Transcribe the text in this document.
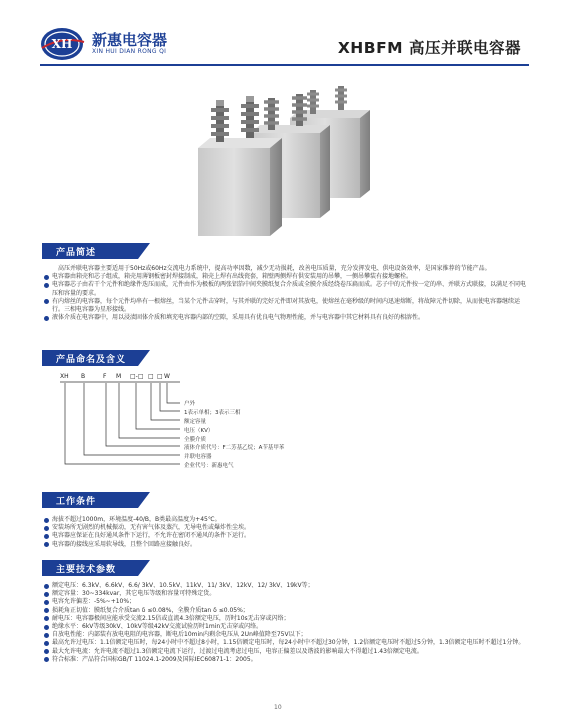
XH 新惠电容器
XIN HUI DIAN RONG QI	XHBFM 高压并联电容器
产品简述

高压并联电容器主要适用于50Hz或60Hz交流电力系统中，提高功率因数，减少无功损耗，改善电压质量，充分发挥发电、供电设备效率，是国家推荐的节能产品。

电容器由箱壳和芯子组成，箱壳用薄钢板密封焊接制成，箱壳上焊有出线瓷套，箱壁两侧焊有供安装用的吊攀，一侧吊攀装有接地螺栓。
电容器芯子由若干个元件和绝缘件迭压而成，元件由作为极板的两张铝箔中间夹膜纸复合介质或全膜介质经绕卷压扁而成。芯子中的元件按一定的串、并联方式联接，以满足不同电压和容量的要求。
有内熔丝的电容器，每个元件均串有一根熔丝，当某个元件击穿时，与其并联的完好元件即对其放电，使熔丝在毫秒级的时间内迅速熔断，将故障元件切除，从而使电容器继续运行。三相电容器为星形接线。
液体介质在电容器中，用以浸渍固体介质和填充电容器内部的空隙，采用具有优良电气物理性能，并与电容器中其它材料具有良好的相溶性。
产品命名及含义
XH B	F M □-□ □ □ W
户外
1表示单相；3表示三相
额定容量
电压（KV）
全膜介质
液体介质代号：F二芳基乙烷；A苄基甲苯
并联电容器
企业代号：新惠电气
工作条件
海拔不超过1000m，环境温度-40/B，B类最高温度为+45℃。
安装场所无剧烈的机械振动，无有害气体及蒸汽，无导电性或爆炸性尘埃。
电容器应保证在良好通风条件下运行，不允许在密闭不通风的条件下运行。
电容器的接线应采用软导线，且整个回路应接触良好。
主要技术参数
额定电压：6.3kV、6.6kV、6.6/ 3kV、10.5kV、11kV、11/ 3kV、12kV、12/ 3kV、19kV等；
额定容量：30~334kvar，其它电压等级和容量可特殊定货。
电容允许偏差：-5%~+10%；
损耗角正切值：膜纸复合介质tan δ ≤0.08%，全膜介质tan δ ≤0.05%；
耐电压：电容器极间应能承受交流2.15倍或直流4.3倍额定电压，历时10s无击穿或闪络；
绝缘水平：6kV等级30kV、10kV等级42kV交流试验历时1min无击穿或闪络。
自放电性能：内部装有放电电阻的电容器，断电后10min内剩余电压从 2Un峰值降至75V以下；
最高允许过电压：1.1倍额定电压时，每24小时中不超过8小时，1.15倍额定电压时，每24小时中不超过30分钟，1.2倍额定电压时不超过5分钟，1.3倍额定电压时不超过1分钟。
最大允许电流：允许电流不超过1.3倍额定电流下运行，过渡过电流考虑过电压，电容正偏差以及谐波的影响最大不得超过1.43倍额定电流。
符合标准：产品符合国标GB/T 11024.1-2009及国际IEC60871-1：2005。
10
